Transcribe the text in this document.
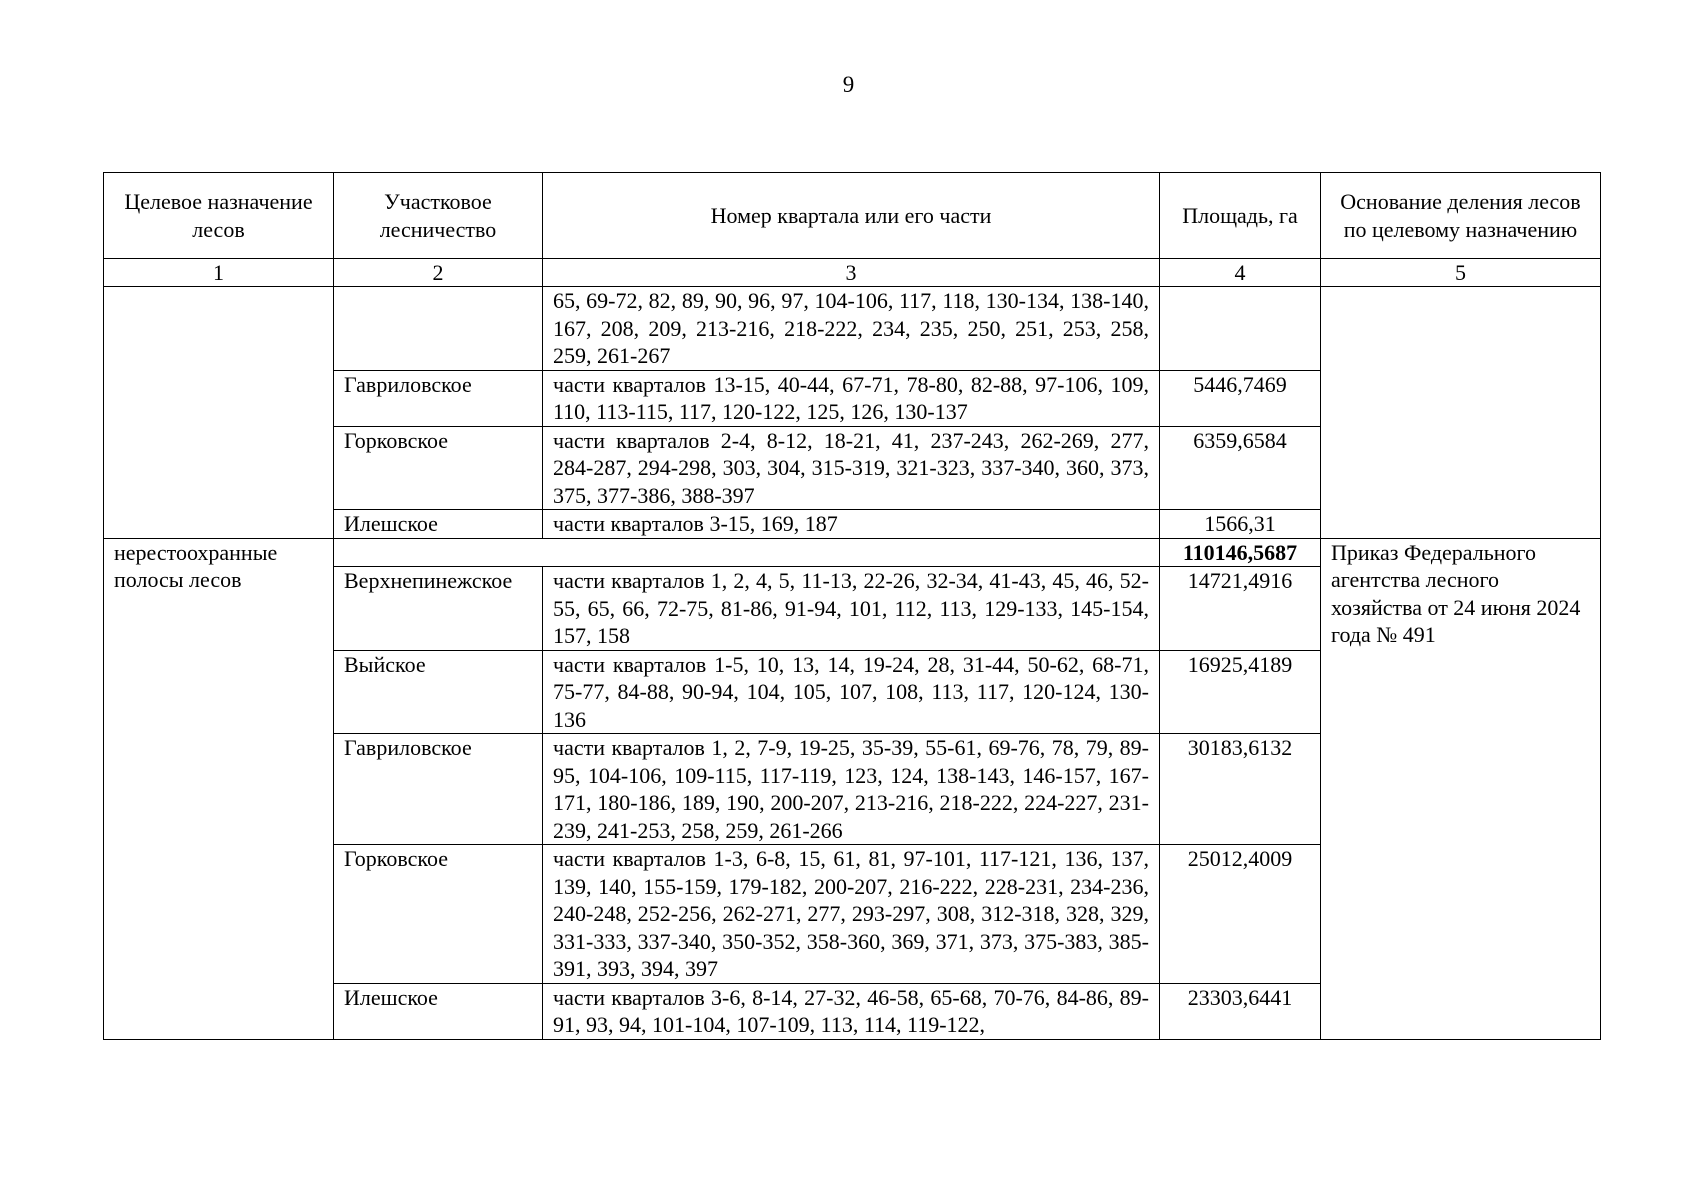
9
Целевое назначение лесов	Участковое лесничество	Номер квартала или его части	Площадь, га	Основание деления лесов по целевому назначению
1	2	3	4	5
		65, 69-72, 82, 89, 90, 96, 97, 104-106, 117, 118, 130-134, 138-140, 167, 208, 209, 213-216, 218-222, 234, 235, 250, 251, 253, 258, 259, 261-267		
	Гавриловское	части кварталов 13-15, 40-44, 67-71, 78-80, 82-88, 97-106, 109, 110, 113-115, 117, 120-122, 125, 126, 130-137	5446,7469	
	Горковское	части кварталов 2-4, 8-12, 18-21, 41, 237-243, 262-269, 277, 284-287, 294-298, 303, 304, 315-319, 321-323, 337-340, 360, 373, 375, 377-386, 388-397	6359,6584	
	Илешское	части кварталов 3-15, 169, 187	1566,31	
нерестоохранные полосы лесов			110146,5687	Приказ Федерального агентства лесного хозяйства от 24 июня 2024 года № 491
	Верхнепинежское	части кварталов 1, 2, 4, 5, 11-13, 22-26, 32-34, 41-43, 45, 46, 52-55, 65, 66, 72-75, 81-86, 91-94, 101, 112, 113, 129-133, 145-154, 157, 158	14721,4916	
	Выйское	части кварталов 1-5, 10, 13, 14, 19-24, 28, 31-44, 50-62, 68-71, 75-77, 84-88, 90-94, 104, 105, 107, 108, 113, 117, 120-124, 130-136	16925,4189	
	Гавриловское	части кварталов 1, 2, 7-9, 19-25, 35-39, 55-61, 69-76, 78, 79, 89-95, 104-106, 109-115, 117-119, 123, 124, 138-143, 146-157, 167-171, 180-186, 189, 190, 200-207, 213-216, 218-222, 224-227, 231-239, 241-253, 258, 259, 261-266	30183,6132	
	Горковское	части кварталов 1-3, 6-8, 15, 61, 81, 97-101, 117-121, 136, 137, 139, 140, 155-159, 179-182, 200-207, 216-222, 228-231, 234-236, 240-248, 252-256, 262-271, 277, 293-297, 308, 312-318, 328, 329, 331-333, 337-340, 350-352, 358-360, 369, 371, 373, 375-383, 385-391, 393, 394, 397	25012,4009	
	Илешское	части кварталов 3-6, 8-14, 27-32, 46-58, 65-68, 70-76, 84-86, 89-91, 93, 94, 101-104, 107-109, 113, 114, 119-122,	23303,6441	
